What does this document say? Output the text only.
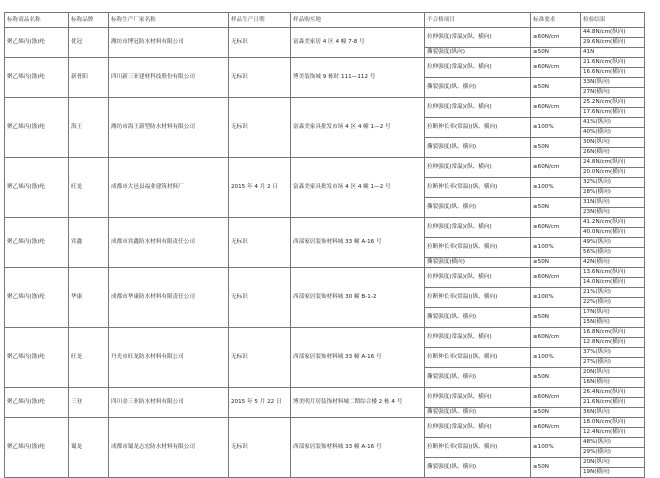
标称商品名称	标称品牌	标称生产厂家名称	样品生产日期	样品购买地	不合格项目	标准要求	检验结果
聚乙烯丙(涤)纶	优冠	潍坊市博冠防水材料有限公司	无标识	富森美家居 4 区 4 幢 7-8 号	拉伸强度(常温)(纵、横向)	≥60N/cm	44.8N/cm(纵向)
							29.6N/cm(横向)
					撕裂强度(纵向)	≥50N	41N
聚乙烯丙(涤)纶	新骨阳	四川新三亚建材科技股份有限公司	无标识	博美装饰城 9 栋时 111—112 号	拉伸强度(常温)(纵、横向)	≥60N/cm	21.6N/cm(纵向)
							16.6N/cm(横向)
					撕裂强度(纵、横向)	≥50N	33N(纵向)
							27N(横向)
聚乙烯丙(涤)纶	海王	潍坊市海王新型防水材料有限公司	无标识	富森美家具批发市场 4 区 4 幢 1—2 号	拉伸强度(常温)(纵、横向)	≥60N/cm	25.2N/cm(纵向)
							17.6N/cm(横向)
					拉断伸长率(常温)(纵、横向)	≥100%	41%(纵向)
							40%(横向)
					撕裂强度(纵、横向)	≥50N	30N(纵向)
							26N(横向)
聚乙烯丙(涤)纶	旺龙	成都市大邑县福业建筑材料厂	2015 年 4 月 2 日	富森美家具批发市场 4 区 4 幢 1—2 号	拉伸强度(常温)(纵、横向)	≥60N/cm	24.8N/cm(纵向)
							20.0N/cm(横向)
					拉断伸长率(常温)(纵、横向)	≥100%	32%(纵向)
							28%(横向)
					撕裂强度(纵、横向)	≥50N	31N(纵向)
							23N(横向)
聚乙烯丙(涤)纶	宾鑫	成都市宾鑫防水材料有限责任公司	无标识	西部家居装饰材料城 33 幢 A-16 号	拉伸强度(常温)(纵、横向)	≥60N/cm	41.2N/cm(纵向)
							40.0N/cm(横向)
					拉断伸长率(常温)(纵、横向)	≥100%	49%(纵向)
							56%(横向)
					撕裂强度(横向)	≥50N	42N(横向)
聚乙烯丙(涤)纶	华康	成都市华康防水材料有限责任公司	无标识	西部家居装饰材料城 30 幢 B-1-2	拉伸强度(常温)(纵、横向)	≥60N/cm	13.6N/cm(纵向)
							14.0N/cm(横向)
					拉断伸长率(常温)(纵、横向)	≥100%	21%(纵向)
							22%(横向)
					撕裂强度(纵、横向)	≥50N	17N(纵向)
							15N(横向)
聚乙烯丙(涤)纶	旺龙	丹光市旺龙防水材料有限公司	无标识	西部家居装饰材料城 33 幢 A-16 号	拉伸强度(常温)(纵、横向)	≥60N/cm	16.8N/cm(纵向)
							12.8N/cm(横向)
					拉断伸长率(常温)(纵、横向)	≥100%	37%(纵向)
							27%(横向)
					撕裂强度(纵、横向)	≥50N	20N(纵向)
							16N(横向)
聚乙烯丙(涤)纶	三业	四川金三业防水材料有限公司	2015 年 5 月 22 日	博美明月居装饰材料城二期综合楼 2 栋 4 号	拉伸强度(常温)(纵、横向)	≥60N/cm	26.4N/cm(纵向)
							21.6N/cm(横向)
					撕裂强度(纵、横向)	≥50N	36N(纵向)
聚乙烯丙(涤)纶	蜀龙	成都市蜀龙志宏防水材料有限公司	无标识	西部家居装饰材料城 33 幢 A-16 号	拉伸强度(常温)(纵、横向)	≥60N/cm	18.0N/cm(纵向)
							12.4N/cm(横向)
					拉断伸长率(常温)(纵、横向)	≥100%	48%(纵向)
							29%(横向)
					撕裂强度(纵、横向)	≥50N	20N(纵向)
							19N(横向)
